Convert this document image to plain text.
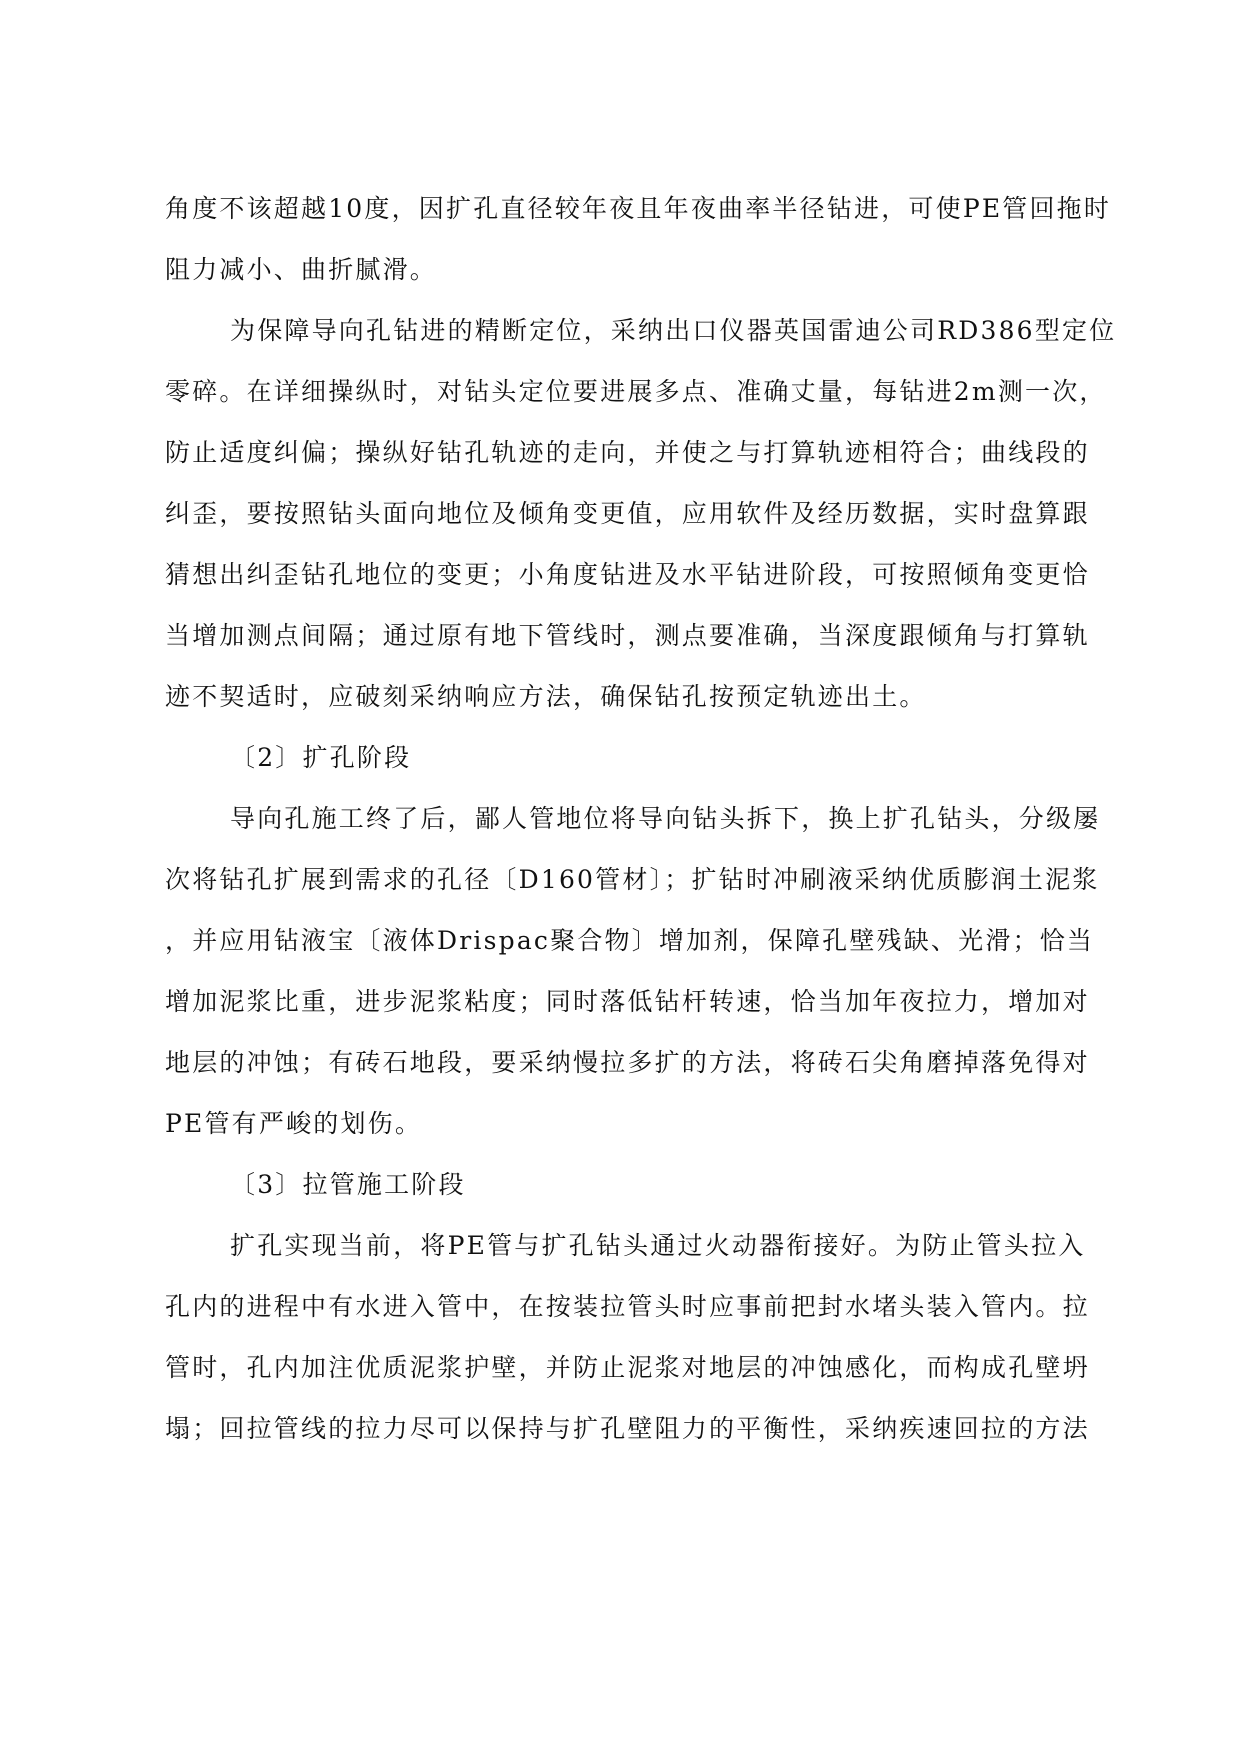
角度不该超越10度，因扩孔直径较年夜且年夜曲率半径钻进，可使PE管回拖时
阻力减小、曲折腻滑。
为保障导向孔钻进的精断定位，采纳出口仪器英国雷迪公司RD386型定位
零碎。在详细操纵时，对钻头定位要进展多点、准确丈量，每钻进2m测一次，
防止适度纠偏；操纵好钻孔轨迹的走向，并使之与打算轨迹相符合；曲线段的
纠歪，要按照钻头面向地位及倾角变更值，应用软件及经历数据，实时盘算跟
猜想出纠歪钻孔地位的变更；小角度钻进及水平钻进阶段，可按照倾角变更恰
当增加测点间隔；通过原有地下管线时，测点要准确，当深度跟倾角与打算轨
迹不契适时，应破刻采纳响应方法，确保钻孔按预定轨迹出土。
〔2〕扩孔阶段
导向孔施工终了后，鄙人管地位将导向钻头拆下，换上扩孔钻头，分级屡
次将钻孔扩展到需求的孔径〔D160管材〕；扩钻时冲刷液采纳优质膨润土泥浆
，并应用钻液宝〔液体Drispac聚合物〕增加剂，保障孔壁残缺、光滑；恰当
增加泥浆比重，进步泥浆粘度；同时落低钻杆转速，恰当加年夜拉力，增加对
地层的冲蚀；有砖石地段，要采纳慢拉多扩的方法，将砖石尖角磨掉落免得对
PE管有严峻的划伤。
〔3〕拉管施工阶段
扩孔实现当前，将PE管与扩孔钻头通过火动器衔接好。为防止管头拉入
孔内的进程中有水进入管中，在按装拉管头时应事前把封水堵头装入管内。拉
管时，孔内加注优质泥浆护壁，并防止泥浆对地层的冲蚀感化，而构成孔壁坍
塌；回拉管线的拉力尽可以保持与扩孔壁阻力的平衡性，采纳疾速回拉的方法
